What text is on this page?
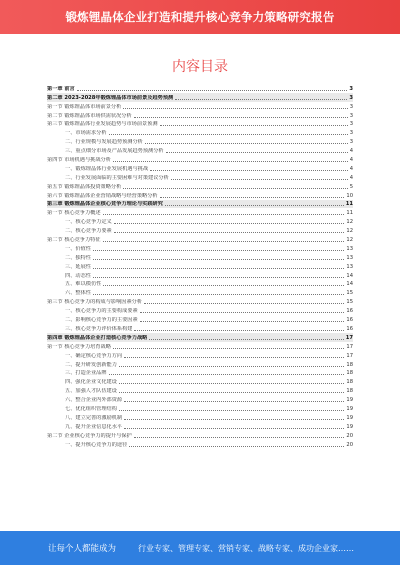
锻炼锂晶体企业打造和提升核心竞争力策略研究报告
内容目录
第一章 前言	3
第二章 2023-2028年锻炼锂晶体市场前景及趋势预测	3
第一节 锻炼锂晶体市场前景分析	3
第二节 锻炼锂晶体市场供需状况分析	3
第三节 锻炼锂晶体行业发展趋势与市场前景预测	3
一、市场需求分析	3
二、行业规模与发展趋势预测分析	3
三、重点细分市场及产品发展趋势预测分析	4
第四节 市场机遇与挑战分析	4
一、锻炼锂晶体行业发展机遇与挑战	4
二、行业发展面临的主要困难与对策建议分析	4
第五节 锻炼锂晶体投资策略分析	5
第六节 锻炼锂晶体企业营销战略与经营策略分析	10
第三章 锻炼锂晶体企业核心竞争力理论与实践研究	11
第一节 核心竞争力概述	11
一、核心竞争力定义	12
二、核心竞争力要素	12
第二节 核心竞争力特征	12
一、价值性	13
二、独特性	13
三、延展性	13
四、动态性	14
五、难以模仿性	14
六、整体性	15
第三节 核心竞争力的构成与影响因素分析	15
一、核心竞争力的主要构成要素	16
二、影响核心竞争力的主要因素	16
三、核心竞争力评价体系构建	16
第四章 锻炼锂晶体企业打造核心竞争力战略	17
第一节 核心竞争力培育战略	17
一、确定核心竞争力方向	17
二、提升研发创新能力	18
三、打造企业品牌	18
四、强化企业文化建设	18
五、加强人才队伍建设	18
六、整合企业内外部资源	19
七、优化组织管理结构	19
八、建立完善的激励机制	19
九、提升企业信息化水平	19
第二节 企业核心竞争力的提升与保护	20
一、提升核心竞争力的途径	20
让每个人都能成为	行业专家、管理专家、营销专家、战略专家、成功企业家……
